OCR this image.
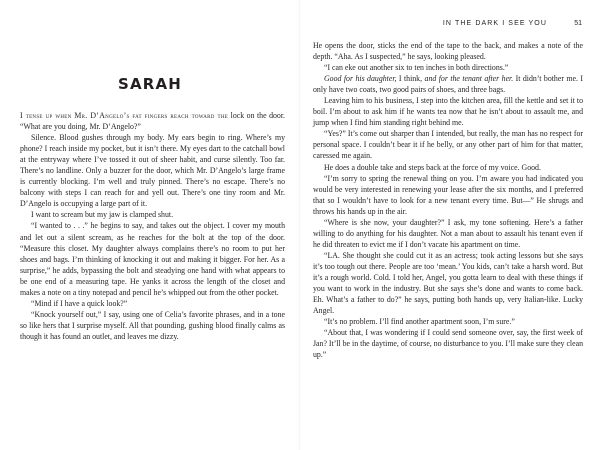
SARAH

I tense up when Mr. D’Angelo’s fat fingers reach toward the lock on the door. “What are you doing, Mr. D’Angelo?”

Silence. Blood gushes through my body. My ears begin to ring. Where’s my phone? I reach inside my pocket, but it isn’t there. My eyes dart to the catchall bowl at the entryway where I’ve tossed it out of sheer habit, and curse silently. Too far. There’s no landline. Only a buzzer for the door, which Mr. D’Angelo’s large frame is currently blocking. I’m well and truly pinned. There’s no escape. There’s no balcony with steps I can reach for and yell out. There’s one tiny room and Mr. D’Angelo is occupying a large part of it.

I want to scream but my jaw is clamped shut.

“I wanted to . . .” he begins to say, and takes out the object. I cover my mouth and let out a silent scream, as he reaches for the bolt at the top of the door. “Measure this closet. My daughter always complains there’s no room to put her shoes and bags. I’m thinking of knocking it out and making it bigger. For her. As a surprise,” he adds, bypassing the bolt and steadying one hand with what appears to be one end of a measuring tape. He yanks it across the length of the closet and makes a note on a tiny notepad and pencil he’s whipped out from the other pocket.

“Mind if I have a quick look?”

“Knock yourself out,” I say, using one of Celia’s favorite phrases, and in a tone so like hers that I surprise myself. All that pounding, gushing blood finally calms as though it has found an outlet, and leaves me dizzy.

IN THE DARK I SEE YOU	51

He opens the door, sticks the end of the tape to the back, and makes a note of the depth. “Aha. As I suspected,” he says, looking pleased.

“I can eke out another six to ten inches in both directions.”

Good for his daughter, I think, and for the tenant after her. It didn’t bother me. I only have two coats, two good pairs of shoes, and three bags.

Leaving him to his business, I step into the kitchen area, fill the kettle and set it to boil. I’m about to ask him if he wants tea now that he isn’t about to assault me, and jump when I find him standing right behind me.

“Yes?” It’s come out sharper than I intended, but really, the man has no respect for personal space. I couldn’t bear it if he belly, or any other part of him for that matter, caressed me again.

He does a double take and steps back at the force of my voice. Good.

“I’m sorry to spring the renewal thing on you. I’m aware you had indicated you would be very interested in renewing your lease after the six months, and I preferred that so I wouldn’t have to look for a new tenant every time. But—” He shrugs and throws his hands up in the air.

“Where is she now, your daughter?” I ask, my tone softening. Here’s a father willing to do anything for his daughter. Not a man about to assault his tenant even if he did threaten to evict me if I don’t vacate his apartment on time.

“LA. She thought she could cut it as an actress; took acting lessons but she says it’s too tough out there. People are too ‘mean.’ You kids, can’t take a harsh word. But it’s a rough world. Cold. I told her, Angel, you gotta learn to deal with these things if you want to work in the industry. But she says she’s done and wants to come back. Eh. What’s a father to do?” he says, putting both hands up, very Italian-like. Lucky Angel.

“It’s no problem. I’ll find another apartment soon, I’m sure.”

“About that, I was wondering if I could send someone over, say, the first week of Jan? It’ll be in the daytime, of course, no disturbance to you. I’ll make sure they clean up.”
